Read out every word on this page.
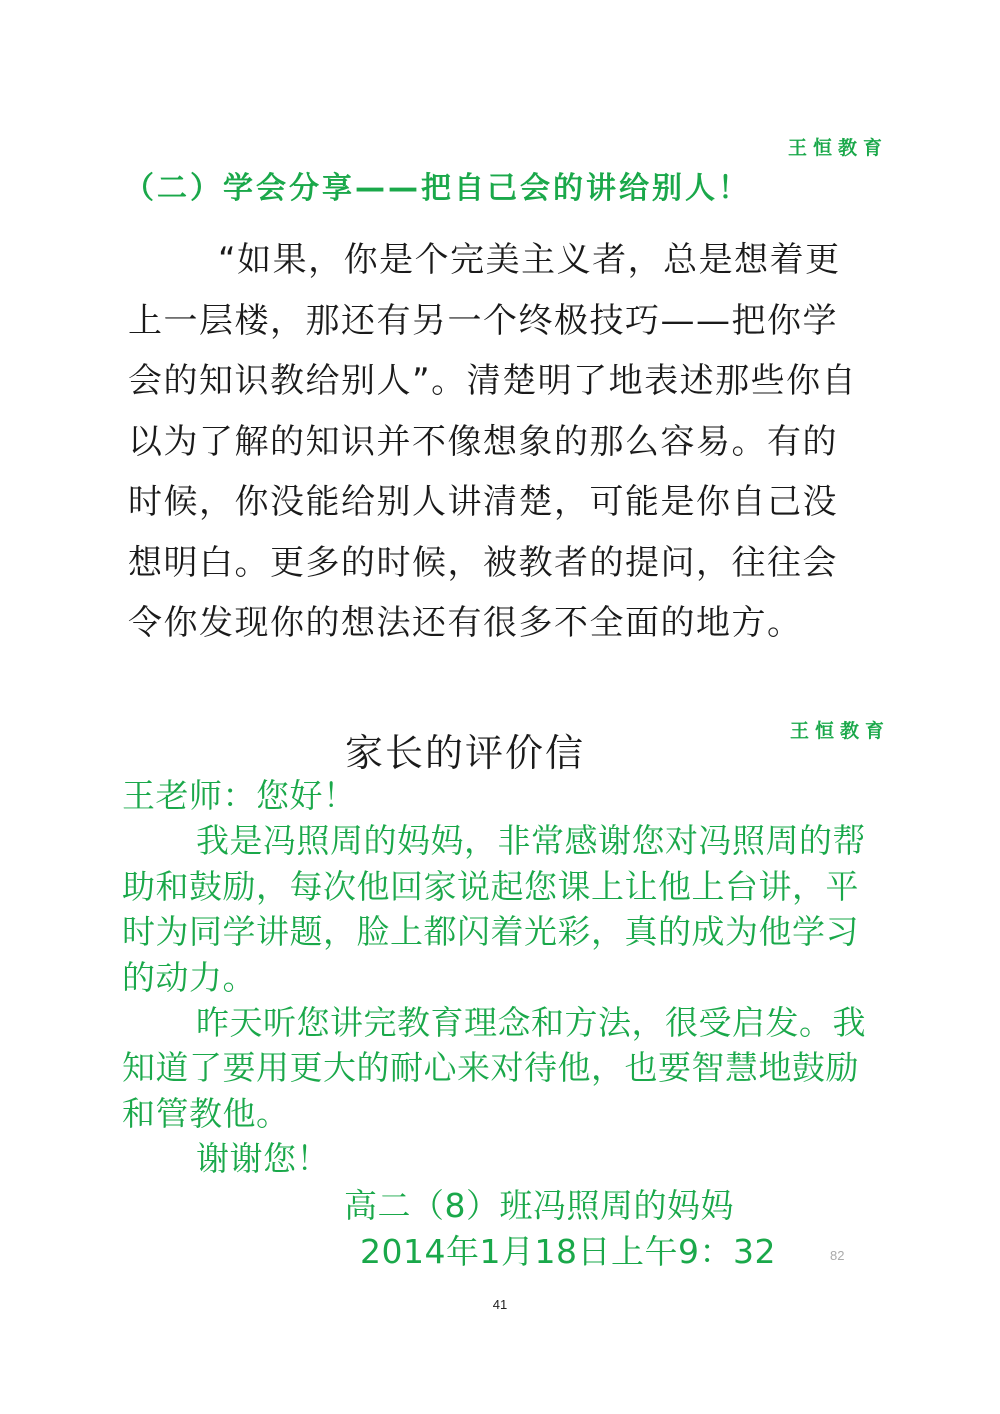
王恒教育
（二）学会分享——把自己会的讲给别人！

“如果，你是个完美主义者，总是想着更上一层楼，那还有另一个终极技巧——把你学会的知识教给别人”。清楚明了地表述那些你自以为了解的知识并不像想象的那么容易。有的时候，你没能给别人讲清楚，可能是你自己没想明白。更多的时候，被教者的提问，往往会令你发现你的想法还有很多不全面的地方。

王恒教育
家长的评价信

王老师：您好！

我是冯照周的妈妈，非常感谢您对冯照周的帮助和鼓励，每次他回家说起您课上让他上台讲，平时为同学讲题，脸上都闪着光彩，真的成为他学习的动力。

昨天听您讲完教育理念和方法，很受启发。我知道了要用更大的耐心来对待他，也要智慧地鼓励和管教他。

谢谢您！

高二（8）班冯照周的妈妈
2014年1月18日上午9：32	82
41
